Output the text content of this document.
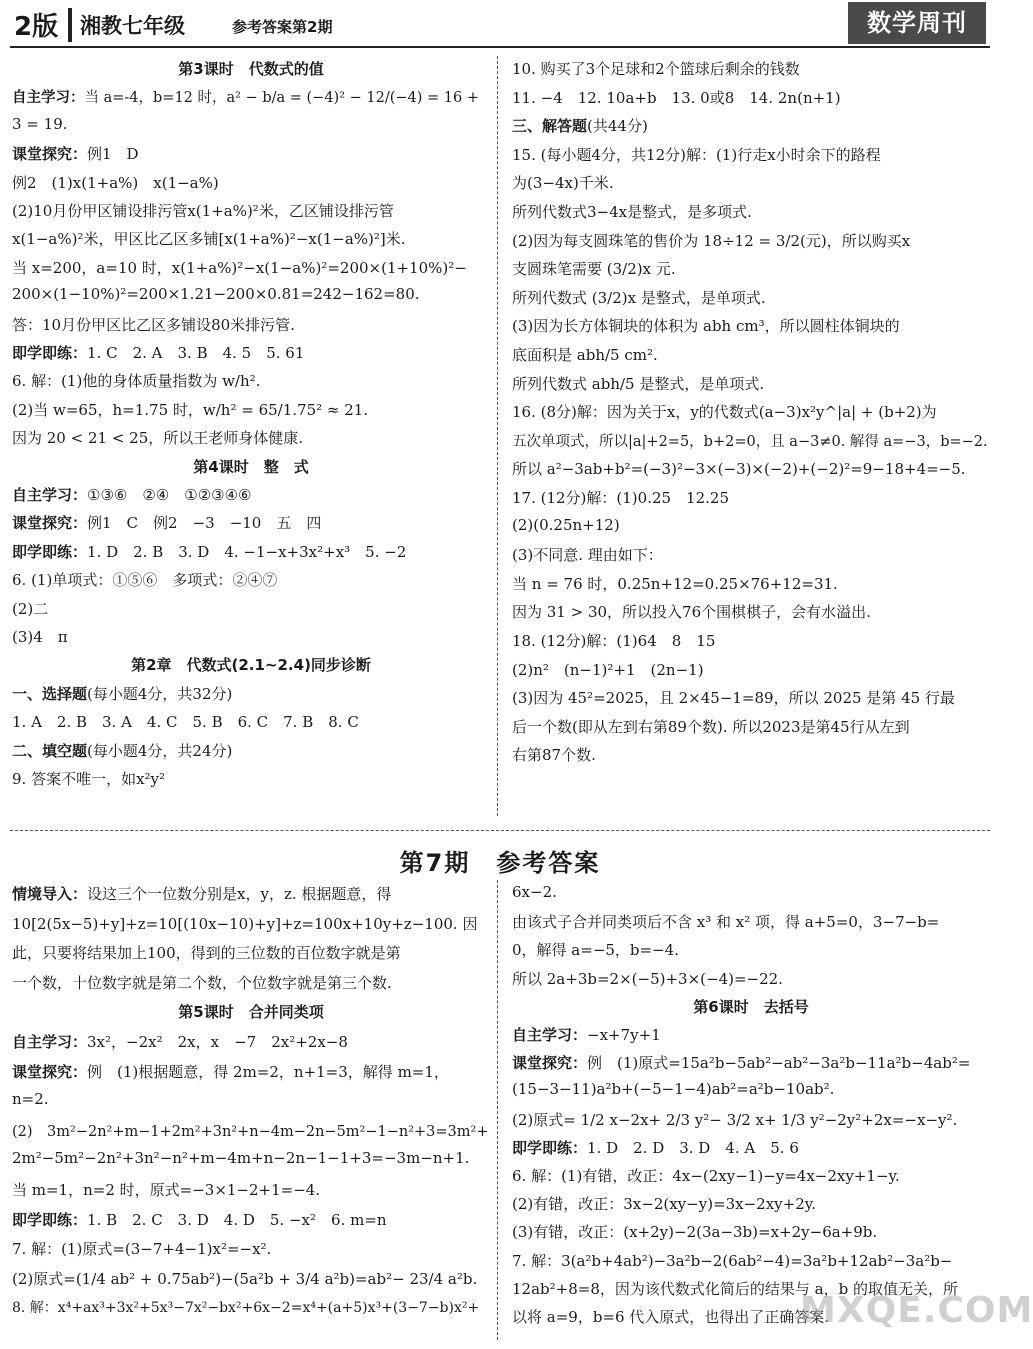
2版 湘教七年级	参考答案第2期	数学周刊
第3课时　代数式的值
自主学习：当 a=-4，b=12 时，a² − b/a = (−4)² − 12/(−4) = 16 +
3 = 19.
课堂探究：例1　D
例2　(1)x(1+a%)　x(1−a%)
(2)10月份甲区铺设排污管x(1+a%)²米，乙区铺设排污管
x(1−a%)²米，甲区比乙区多铺[x(1+a%)²−x(1−a%)²]米.
当 x=200，a=10 时，x(1+a%)²−x(1−a%)²=200×(1+10%)²−
200×(1−10%)²=200×1.21−200×0.81=242−162=80.
答：10月份甲区比乙区多铺设80米排污管.
即学即练：1. C　2. A　3. B　4. 5　5. 61
6. 解：(1)他的身体质量指数为 w/h².
(2)当 w=65，h=1.75 时，w/h² = 65/1.75² ≈ 21.
因为 20 < 21 < 25，所以王老师身体健康.
第4课时　整　式
自主学习：①③⑥　②④　①②③④⑥
课堂探究：例1　C　例2　−3　−10　五　四
即学即练：1. D　2. B　3. D　4. −1−x+3x²+x³　5. −2
6. (1)单项式：①⑤⑥　多项式：②④⑦
(2)二
(3)4　π
第2章　代数式(2.1~2.4)同步诊断
一、选择题(每小题4分，共32分)
1. A　2. B　3. A　4. C　5. B　6. C　7. B　8. C
二、填空题(每小题4分，共24分)
9. 答案不唯一，如x²y²
10. 购买了3个足球和2个篮球后剩余的钱数
11. −4　12. 10a+b　13. 0或8　14. 2n(n+1)
三、解答题(共44分)
15. (每小题4分，共12分)解：(1)行走x小时余下的路程
为(3−4x)千米.
所列代数式3−4x是整式，是多项式.
(2)因为每支圆珠笔的售价为 18÷12 = 3/2(元)，所以购买x
支圆珠笔需要 (3/2)x 元.
所列代数式 (3/2)x 是整式，是单项式.
(3)因为长方体铜块的体积为 abh cm³，所以圆柱体铜块的
底面积是 abh/5 cm².
所列代数式 abh/5 是整式，是单项式.
16. (8分)解：因为关于x，y的代数式(a−3)x²y^|a| + (b+2)为
五次单项式，所以|a|+2=5，b+2=0，且 a−3≠0. 解得 a=−3，b=−2.
所以 a²−3ab+b²=(−3)²−3×(−3)×(−2)+(−2)²=9−18+4=−5.
17. (12分)解：(1)0.25　12.25
(2)(0.25n+12)
(3)不同意. 理由如下：
当 n = 76 时，0.25n+12=0.25×76+12=31.
因为 31 > 30，所以投入76个围棋棋子，会有水溢出.
18. (12分)解：(1)64　8　15
(2)n²　(n−1)²+1　(2n−1)
(3)因为 45²=2025，且 2×45−1=89，所以 2025 是第 45 行最
后一个数(即从左到右第89个数). 所以2023是第45行从左到
右第87个数.
第7期　参考答案
情境导入：设这三个一位数分别是x，y，z. 根据题意，得
10[2(5x−5)+y]+z=10[(10x−10)+y]+z=100x+10y+z−100. 因
此，只要将结果加上100，得到的三位数的百位数字就是第
一个数，十位数字就是第二个数，个位数字就是第三个数.
第5课时　合并同类项
自主学习：3x²，−2x²　2x，x　−7　2x²+2x−8
课堂探究：例　(1)根据题意，得 2m=2，n+1=3，解得 m=1，
n=2.
(2)　3m²−2n²+m−1+2m²+3n²+n−4m−2n−5m²−1−n²+3=3m²+
2m²−5m²−2n²+3n²−n²+m−4m+n−2n−1−1+3=−3m−n+1.
当 m=1，n=2 时，原式=−3×1−2+1=−4.
即学即练：1. B　2. C　3. D　4. D　5. −x²　6. m=n
7. 解：(1)原式=(3−7+4−1)x²=−x².
(2)原式=(1/4 ab² + 0.75ab²)−(5a²b + 3/4 a²b)=ab²− 23/4 a²b.
8. 解：x⁴+ax³+3x²+5x³−7x²−bx²+6x−2=x⁴+(a+5)x³+(3−7−b)x²+
6x−2.
由该式子合并同类项后不含 x³ 和 x² 项，得 a+5=0，3−7−b=
0，解得 a=−5，b=−4.
所以 2a+3b=2×(−5)+3×(−4)=−22.
第6课时　去括号
自主学习：−x+7y+1
课堂探究：例　(1)原式=15a²b−5ab²−ab²−3a²b−11a²b−4ab²=
(15−3−11)a²b+(−5−1−4)ab²=a²b−10ab².
(2)原式= 1/2 x−2x+ 2/3 y²− 3/2 x+ 1/3 y²−2y²+2x=−x−y².
即学即练：1. D　2. D　3. D　4. A　5. 6
6. 解：(1)有错，改正：4x−(2xy−1)−y=4x−2xy+1−y.
(2)有错，改正：3x−2(xy−y)=3x−2xy+2y.
(3)有错，改正：(x+2y)−2(3a−3b)=x+2y−6a+9b.
7. 解：3(a²b+4ab²)−3a²b−2(6ab²−4)=3a²b+12ab²−3a²b−
12ab²+8=8，因为该代数式化简后的结果与 a，b 的取值无关，所
以将 a=9，b=6 代入原式，也得出了正确答案.
MXQE.COM
